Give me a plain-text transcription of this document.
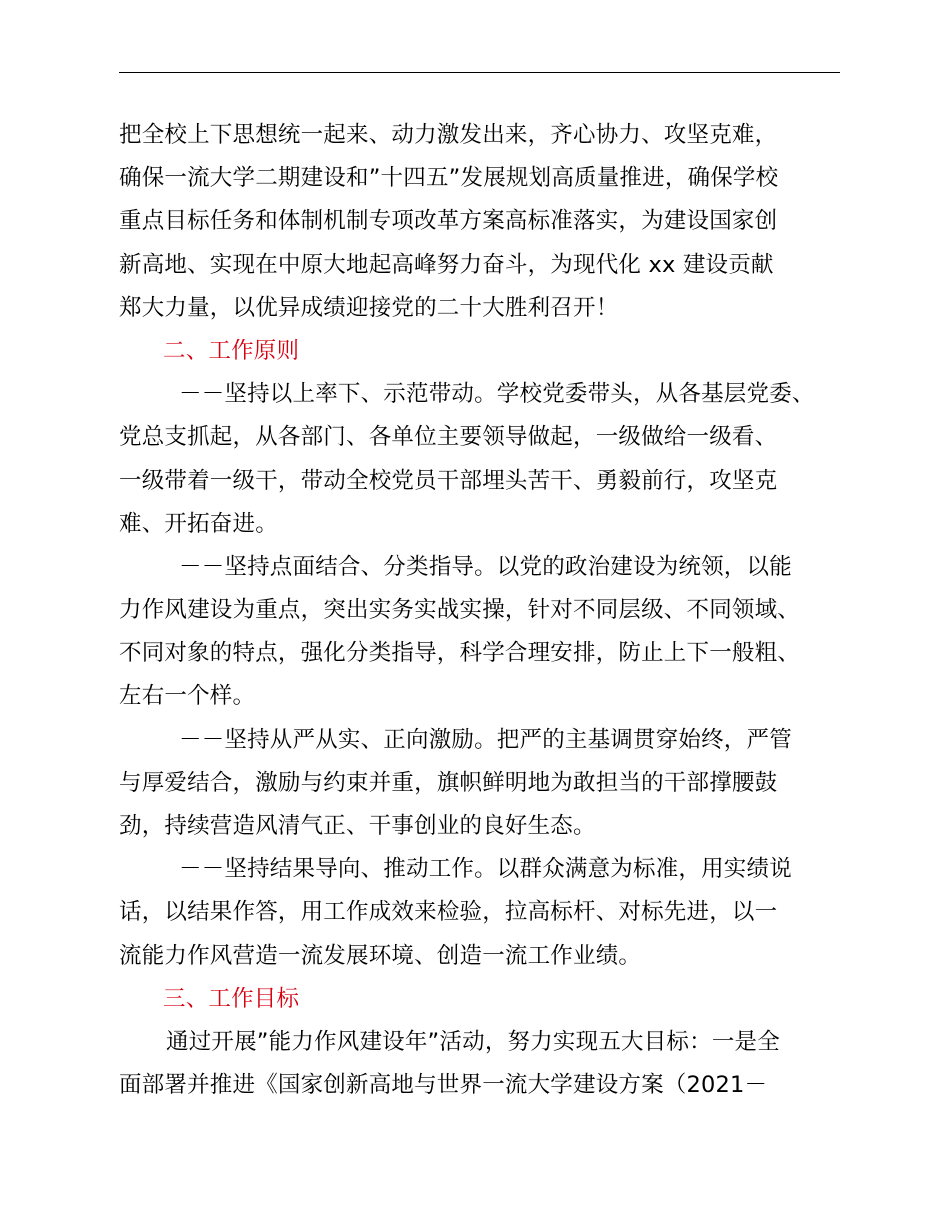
把全校上下思想统一起来、动力激发出来，齐心协力、攻坚克难，
确保一流大学二期建设和”十四五”发展规划高质量推进，确保学校
重点目标任务和体制机制专项改革方案高标准落实，为建设国家创
新高地、实现在中原大地起高峰努力奋斗，为现代化 xx 建设贡献
郑大力量，以优异成绩迎接党的二十大胜利召开！
二、工作原则
－－坚持以上率下、示范带动。学校党委带头，从各基层党委、
党总支抓起，从各部门、各单位主要领导做起，一级做给一级看、
一级带着一级干，带动全校党员干部埋头苦干、勇毅前行，攻坚克
难、开拓奋进。
－－坚持点面结合、分类指导。以党的政治建设为统领，以能
力作风建设为重点，突出实务实战实操，针对不同层级、不同领域、
不同对象的特点，强化分类指导，科学合理安排，防止上下一般粗、
左右一个样。
－－坚持从严从实、正向激励。把严的主基调贯穿始终，严管
与厚爱结合，激励与约束并重，旗帜鲜明地为敢担当的干部撑腰鼓
劲，持续营造风清气正、干事创业的良好生态。
－－坚持结果导向、推动工作。以群众满意为标准，用实绩说
话，以结果作答，用工作成效来检验，拉高标杆、对标先进，以一
流能力作风营造一流发展环境、创造一流工作业绩。
三、工作目标
通过开展”能力作风建设年”活动，努力实现五大目标：一是全
面部署并推进《国家创新高地与世界一流大学建设方案（2021－
